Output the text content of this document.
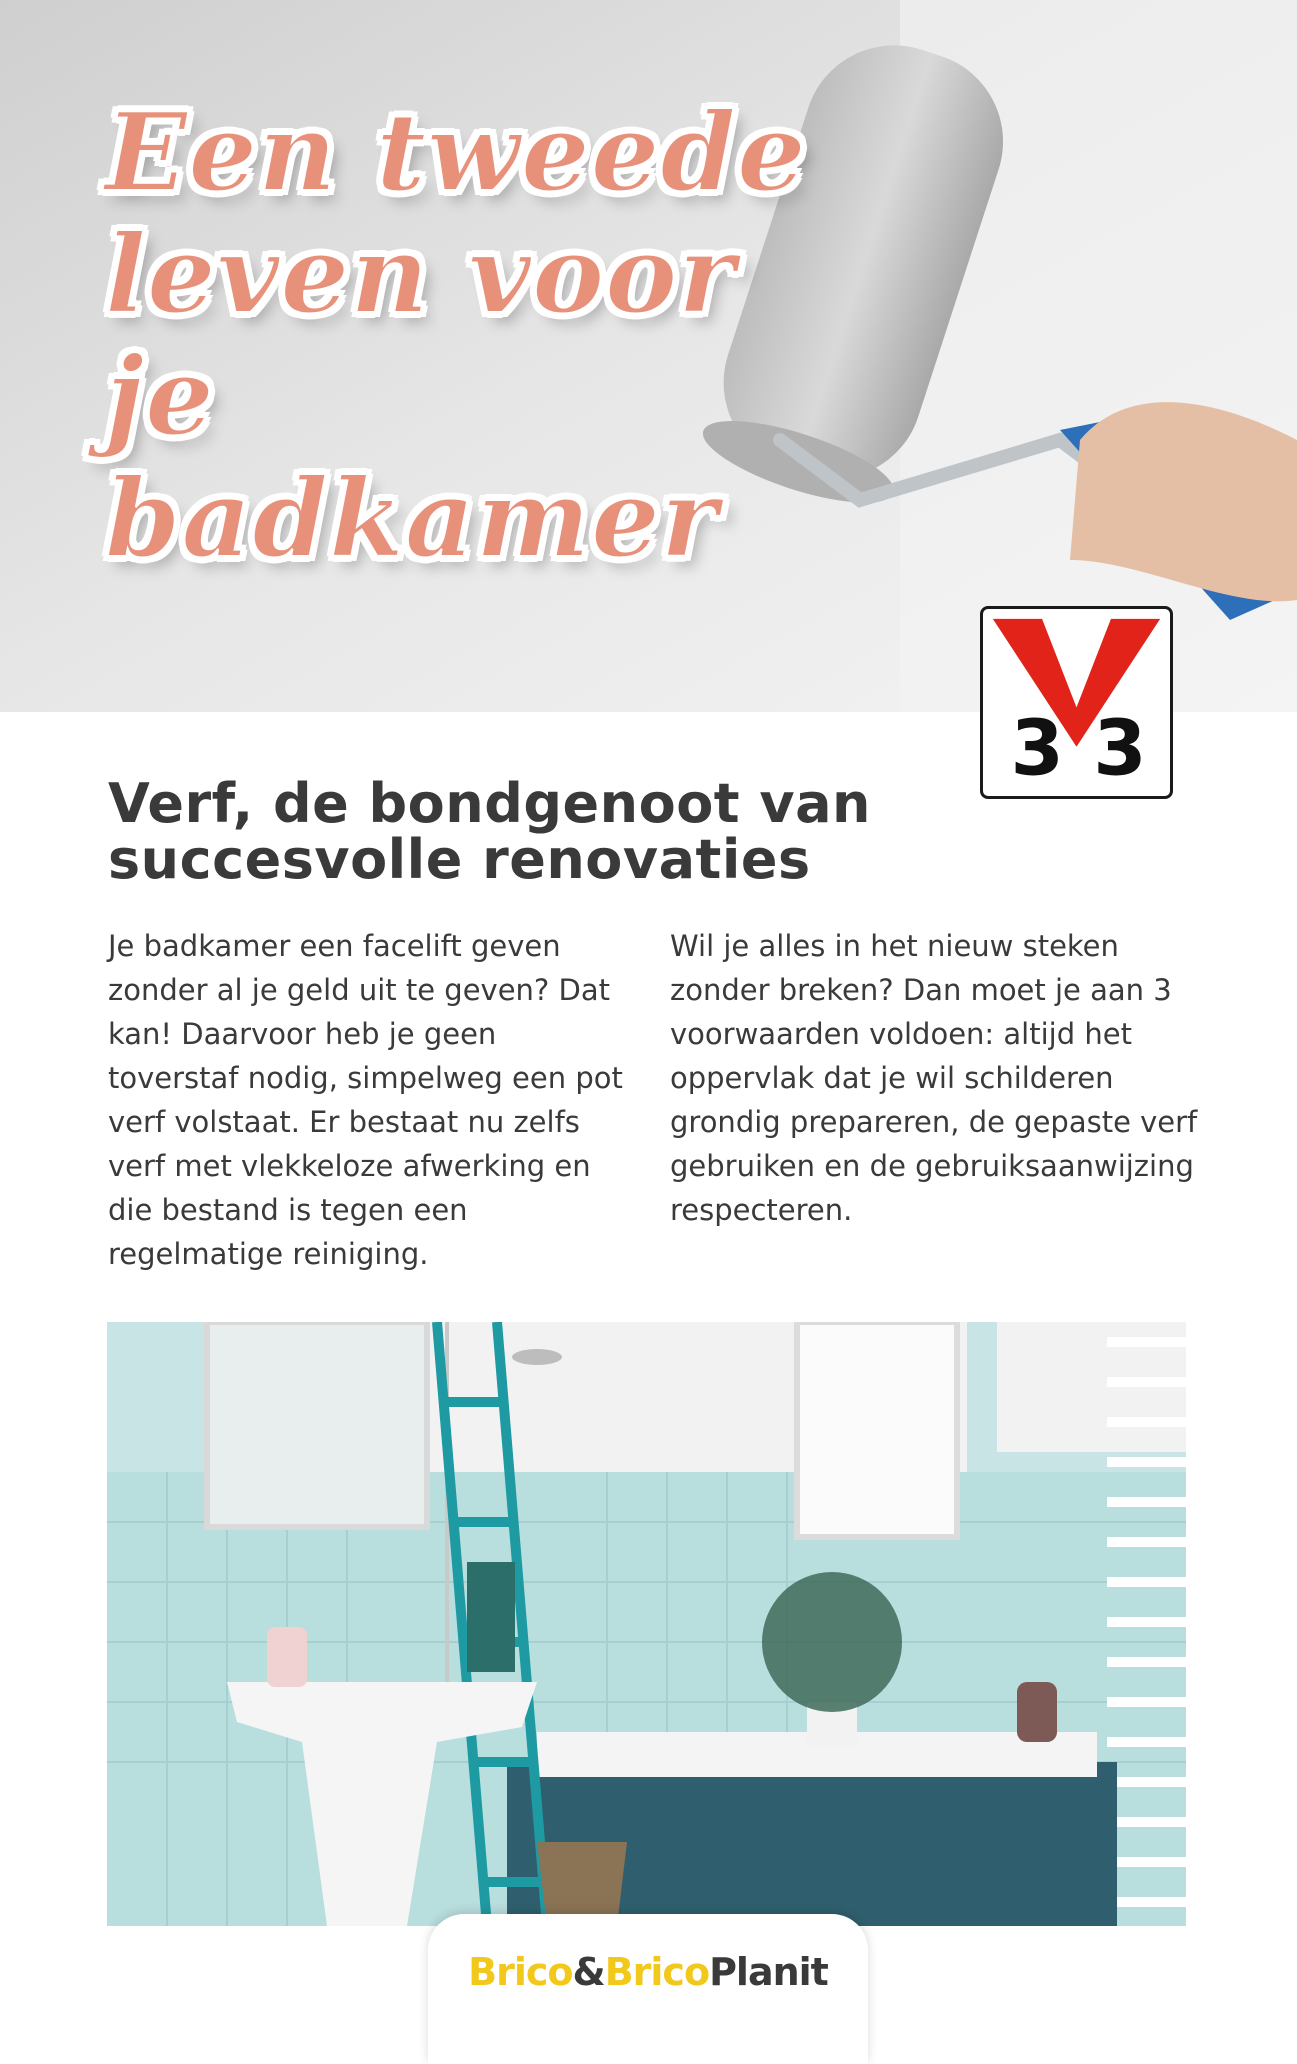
Een tweede
leven voor
je badkamer
3 3
Verf, de bondgenoot van succesvolle renovaties

Je badkamer een facelift geven zonder al je geld uit te geven? Dat kan! Daarvoor heb je geen toverstaf nodig, simpelweg een pot verf volstaat. Er bestaat nu zelfs verf met vlekkeloze afwerking en die bestand is tegen een regelmatige reiniging.

Wil je alles in het nieuw steken zonder breken? Dan moet je aan 3 voorwaarden voldoen: altijd het oppervlak dat je wil schilderen grondig prepareren, de gepaste verf gebruiken en de gebruiksaanwijzing respecteren.

Brico&BricoPlanit
